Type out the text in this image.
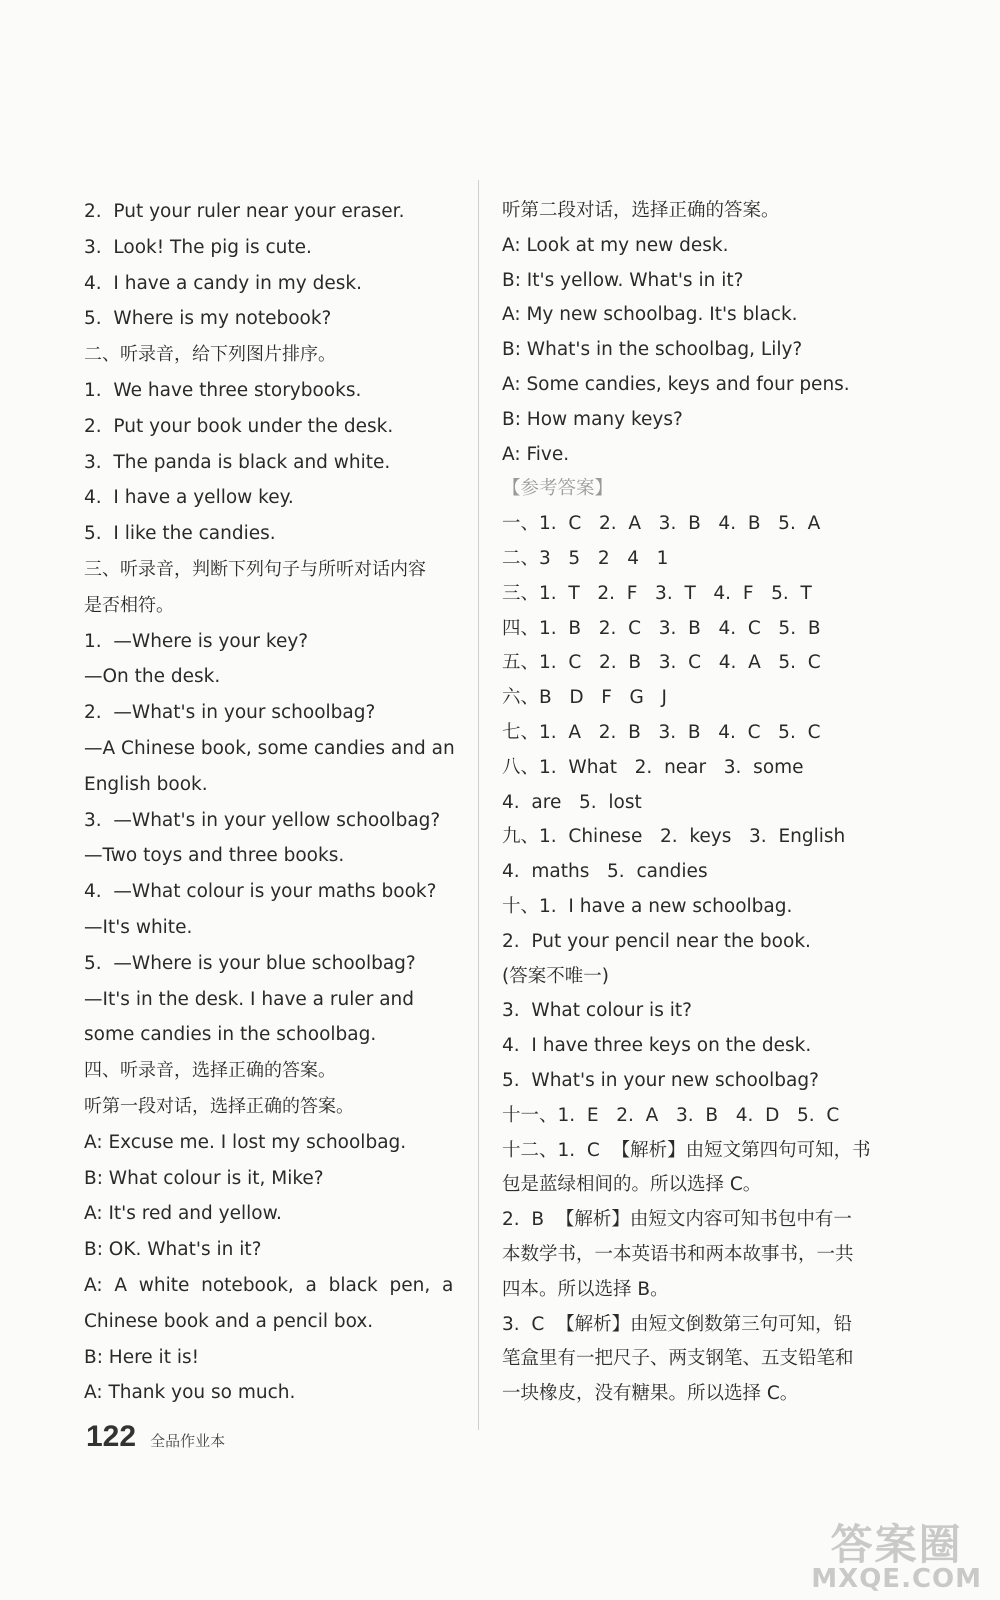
2.  Put your ruler near your eraser.
3.  Look! The pig is cute.
4.  I have a candy in my desk.
5.  Where is my notebook?
二、听录音，给下列图片排序。
1.  We have three storybooks.
2.  Put your book under the desk.
3.  The panda is black and white.
4.  I have a yellow key.
5.  I like the candies.
三、听录音，判断下列句子与所听对话内容
是否相符。
1.  —Where is your key?
—On the desk.
2.  —What's in your schoolbag?
—A Chinese book, some candies and an
English book.
3.  —What's in your yellow schoolbag?
—Two toys and three books.
4.  —What colour is your maths book?
—It's white.
5.  —Where is your blue schoolbag?
—It's in the desk. I have a ruler and
some candies in the schoolbag.
四、听录音，选择正确的答案。
听第一段对话，选择正确的答案。
A: Excuse me. I lost my schoolbag.
B: What colour is it, Mike?
A: It's red and yellow.
B: OK. What's in it?
A:  A  white  notebook,  a  black  pen,  a
Chinese book and a pencil box.
B: Here it is!
A: Thank you so much.
听第二段对话，选择正确的答案。
A: Look at my new desk.
B: It's yellow. What's in it?
A: My new schoolbag. It's black.
B: What's in the schoolbag, Lily?
A: Some candies, keys and four pens.
B: How many keys?
A: Five.
【参考答案】
一、1.  C   2.  A   3.  B   4.  B   5.  A
二、3   5   2   4   1
三、1.  T   2.  F   3.  T   4.  F   5.  T
四、1.  B   2.  C   3.  B   4.  C   5.  B
五、1.  C   2.  B   3.  C   4.  A   5.  C
六、B   D   F   G   J
七、1.  A   2.  B   3.  B   4.  C   5.  C
八、1.  What   2.  near   3.  some
4.  are   5.  lost
九、1.  Chinese   2.  keys   3.  English
4.  maths   5.  candies
十、1.  I have a new schoolbag.
2.  Put your pencil near the book.
(答案不唯一)
3.  What colour is it?
4.  I have three keys on the desk.
5.  What's in your new schoolbag?
十一、1.  E   2.  A   3.  B   4.  D   5.  C
十二、1.  C  【解析】由短文第四句可知，书
包是蓝绿相间的。所以选择 C。
2.  B  【解析】由短文内容可知书包中有一
本数学书，一本英语书和两本故事书，一共
四本。所以选择 B。
3.  C  【解析】由短文倒数第三句可知，铅
笔盒里有一把尺子、两支钢笔、五支铅笔和
一块橡皮，没有糖果。所以选择 C。
122 全品作业本
答案圈
MXQE.COM
